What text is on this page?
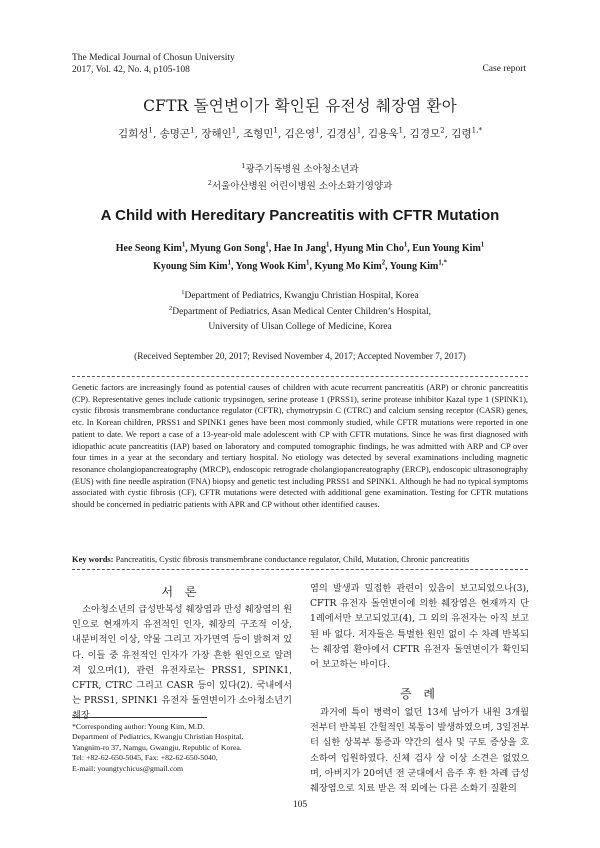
The Medical Journal of Chosun University
2017, Vol. 42, No. 4, p105-108	Case report
CFTR 돌연변이가 확인된 유전성 췌장염 환아
김희성$^1$, 송명곤$^1$, 장해인$^1$, 조형민$^1$, 김은영$^1$, 김경심$^1$, 김용욱$^1$, 김경모$^2$, 김령$^{1,*}$
$^1$광주기독병원 소아청소년과
$^2$서울아산병원 어린이병원 소아소화기영양과
A Child with Hereditary Pancreatitis with CFTR Mutation
Hee Seong Kim$^1$, Myung Gon Song$^1$, Hae In Jang$^1$, Hyung Min Cho$^1$, Eun Young Kim$^1$
Kyoung Sim Kim$^1$, Yong Wook Kim$^1$, Kyung Mo Kim$^2$, Young Kim$^{1,*}$
$^1$Department of Pediatrics, Kwangju Christian Hospital, Korea
$^2$Department of Pediatrics, Asan Medical Center Children’s Hospital,
University of Ulsan College of Medicine, Korea
(Received September 20, 2017; Revised November 4, 2017; Accepted November 7, 2017)
Genetic factors are increasingly found as potential causes of children with acute recurrent pancreatitis (ARP) or chronic pancreatitis (CP). Representative genes include cationic trypsinogen, serine protease 1 (PRSS1), serine protease inhibitor Kazal type 1 (SPINK1), cystic fibrosis transmembrane conductance regulator (CFTR), chymotrypsin C (CTRC) and calcium sensing receptor (CASR) genes, etc. In Korean children, PRSS1 and SPINK1 genes have been most commonly studied, while CFTR mutations were reported in one patient to date. We report a case of a 13-year-old male adolescent with CP with CFTR mutations. Since he was first diagnosed with idiopathic acute pancreatitis (IAP) based on laboratory and computed tomographic findings, he was admitted with ARP and CP over four times in a year at the secondary and tertiary hospital. No etiology was detected by several examinations including magnetic resonance cholangiopancreatography (MRCP), endoscopic retrograde cholangiopancreatography (ERCP), endoscopic ultrasonography (EUS) with fine needle aspiration (FNA) biopsy and genetic test including PRSS1 and SPINK1. Although he had no typical symptoms associated with cystic fibrosis (CF), CFTR mutations were detected with additional gene examination. Testing for CFTR mutations should be concerned in pediatric patients with APR and CP without other identified causes.
Key words: Pancreatitis, Cystic fibrosis transmembrane conductance regulator, Child, Mutation, Chronic pancreatitis
서 론

소아청소년의 급성반복성 췌장염과 만성 췌장염의 원인으로 현재까지 유전적인 인자, 췌장의 구조적 이상, 내분비적인 이상, 약물 그리고 자가면역 등이 밝혀져 있다. 이들 중 유전적인 인자가 가장 흔한 원인으로 알려져 있으며(1), 관련 유전자로는 PRSS1, SPINK1, CFTR, CTRC 그리고 CASR 등이 있다(2). 국내에서는 PRSS1, SPINK1 유전자 돌연변이가 소아청소년기 췌장

염의 발생과 밀접한 관련이 있음이 보고되었으나(3), CFTR 유전자 돌연변이에 의한 췌장염은 현재까지 단 1례에서만 보고되었고(4), 그 외의 유전자는 아직 보고된 바 없다. 저자들은 특별한 원인 없이 수 차례 반복되는 췌장염 환아에서 CFTR 유전자 돌연변이가 확인되어 보고하는 바이다.

증 례

과거에 특이 병력이 없던 13세 남아가 내원 3개월 전부터 반복된 간헐적인 복통이 발생하였으며, 3일전부터 심한 상복부 통증과 약간의 설사 및 구토 증상을 호소하여 입원하였다. 신체 검사 상 이상 소견은 없었으며, 아버지가 20여년 전 군대에서 음주 후 한 차례 급성 췌장염으로 치료 받은 적 외에는 다른 소화기 질환의

*Corresponding author: Young Kim, M.D.
Department of Pediatrics, Kwangju Christian Hospital,
Yangnim-ro 37, Namgu, Gwangju, Republic of Korea.
Tel: +82-62-650-5045, Fax: +82-62-650-5040,
E-mail: youngtychicus@gmail.com
105
